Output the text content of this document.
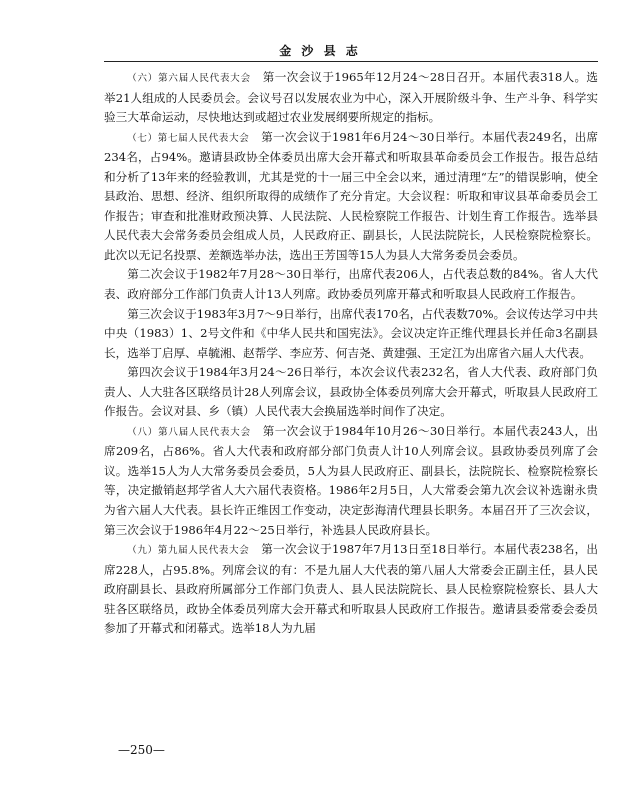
金 沙 县 志

（六）第六届人民代表大会　第一次会议于1965年12月24～28日召开。本届代表318人。选举21人组成的人民委员会。会议号召以发展农业为中心，深入开展阶级斗争、生产斗争、科学实验三大革命运动，尽快地达到或超过农业发展纲要所规定的指标。

（七）第七届人民代表大会　第一次会议于1981年6月24～30日举行。本届代表249名，出席234名，占94%。邀请县政协全体委员出席大会开幕式和听取县革命委员会工作报告。报告总结和分析了13年来的经验教训，尤其是党的十一届三中全会以来，通过清理“左”的错误影响，使全县政治、思想、经济、组织所取得的成绩作了充分肯定。大会议程：听取和审议县革命委员会工作报告；审查和批准财政预决算、人民法院、人民检察院工作报告、计划生育工作报告。选举县人民代表大会常务委员会组成人员，人民政府正、副县长，人民法院院长，人民检察院检察长。此次以无记名投票、差额选举办法，选出王芳国等15人为县人大常务委员会委员。

第二次会议于1982年7月28～30日举行，出席代表206人，占代表总数的84%。省人大代表、政府部分工作部门负责人计13人列席。政协委员列席开幕式和听取县人民政府工作报告。

第三次会议于1983年3月7～9日举行，出席代表170名，占代表数70%。会议传达学习中共中央（1983）1、2号文件和《中华人民共和国宪法》。会议决定许正维代理县长并任命3名副县长，选举丁启厚、卓毓湘、赵帮学、李应芳、何吉尧、黄建强、王定江为出席省六届人大代表。

第四次会议于1984年3月24～26日举行，本次会议代表232名，省人大代表、政府部门负责人、人大驻各区联络员计28人列席会议，县政协全体委员列席大会开幕式，听取县人民政府工作报告。会议对县、乡（镇）人民代表大会换届选举时间作了决定。

（八）第八届人民代表大会　第一次会议于1984年10月26～30日举行。本届代表243人，出席209名，占86%。省人大代表和政府部分部门负责人计10人列席会议。县政协委员列席了会议。选举15人为人大常务委员会委员，5人为县人民政府正、副县长，法院院长、检察院检察长等，决定撤销赵邦学省人大六届代表资格。1986年2月5日，人大常委会第九次会议补选谢永贵为省六届人大代表。县长许正维因工作变动，决定彭海清代理县长职务。本届召开了三次会议，第三次会议于1986年4月22～25日举行，补选县人民政府县长。

（九）第九届人民代表大会　第一次会议于1987年7月13日至18日举行。本届代表238名，出席228人，占95.8%。列席会议的有：不是九届人大代表的第八届人大常委会正副主任，县人民政府副县长、县政府所属部分工作部门负责人、县人民法院院长、县人民检察院检察长、县人大驻各区联络员，政协全体委员列席大会开幕式和听取县人民政府工作报告。邀请县委常委会委员参加了开幕式和闭幕式。选举18人为九届

—250—
